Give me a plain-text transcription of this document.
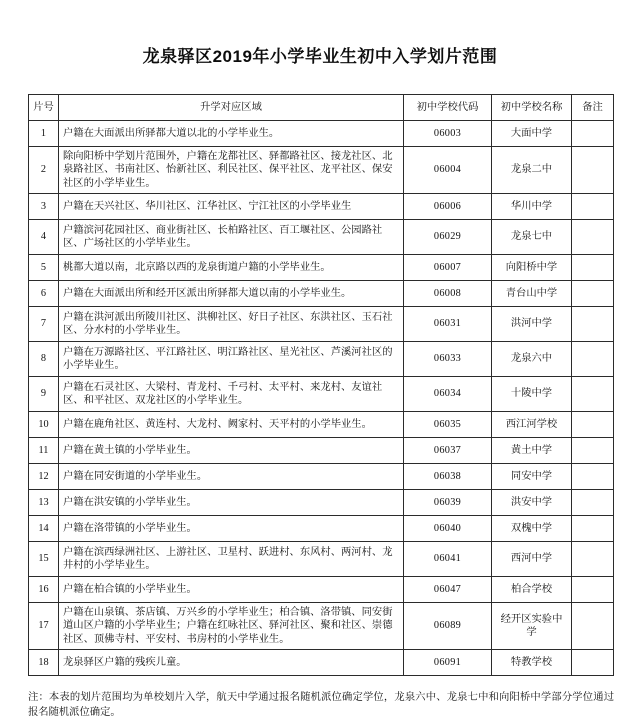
龙泉驿区2019年小学毕业生初中入学划片范围
片号	升学对应区域	初中学校代码	初中学校名称	备注
1	户籍在大面派出所驿都大道以北的小学毕业生。	06003	大面中学	
2	除向阳桥中学划片范围外，户籍在龙都社区、驿都路社区、接龙社区、北泉路社区、书南社区、怡新社区、利民社区、保平社区、龙平社区、保安社区的小学毕业生。	06004	龙泉二中	
3	户籍在天兴社区、华川社区、江华社区、宁江社区的小学毕业生	06006	华川中学	
4	户籍滨河花园社区、商业街社区、长柏路社区、百工堰社区、公园路社区、广场社区的小学毕业生。	06029	龙泉七中	
5	桃都大道以南，北京路以西的龙泉街道户籍的小学毕业生。	06007	向阳桥中学	
6	户籍在大面派出所和经开区派出所驿都大道以南的小学毕业生。	06008	青台山中学	
7	户籍在洪河派出所陵川社区、洪柳社区、好日子社区、东洪社区、玉石社区、分水村的小学毕业生。	06031	洪河中学	
8	户籍在万源路社区、平江路社区、明江路社区、星光社区、芦溪河社区的小学毕业生。	06033	龙泉六中	
9	户籍在石灵社区、大梁村、青龙村、千弓村、太平村、来龙村、友谊社区、和平社区、双龙社区的小学毕业生。	06034	十陵中学	
10	户籍在鹿角社区、黄连村、大龙村、阙家村、天平村的小学毕业生。	06035	西江河学校	
11	户籍在黄土镇的小学毕业生。	06037	黄土中学	
12	户籍在同安街道的小学毕业生。	06038	同安中学	
13	户籍在洪安镇的小学毕业生。	06039	洪安中学	
14	户籍在洛带镇的小学毕业生。	06040	双槐中学	
15	户籍在滨西绿洲社区、上游社区、卫星村、跃进村、东风村、两河村、龙井村的小学毕业生。	06041	西河中学	
16	户籍在柏合镇的小学毕业生。	06047	柏合学校	
17	户籍在山泉镇、茶店镇、万兴乡的小学毕业生；柏合镇、洛带镇、同安街道山区户籍的小学毕业生；户籍在红咏社区、驿河社区、聚和社区、崇德社区、顶佛寺村、平安村、书房村的小学毕业生。	06089	经开区实验中学	
18	龙泉驿区户籍的残疾儿童。	06091	特教学校	
注：本表的划片范围均为单校划片入学，航天中学通过报名随机派位确定学位，龙泉六中、龙泉七中和向阳桥中学部分学位通过报名随机派位确定。
